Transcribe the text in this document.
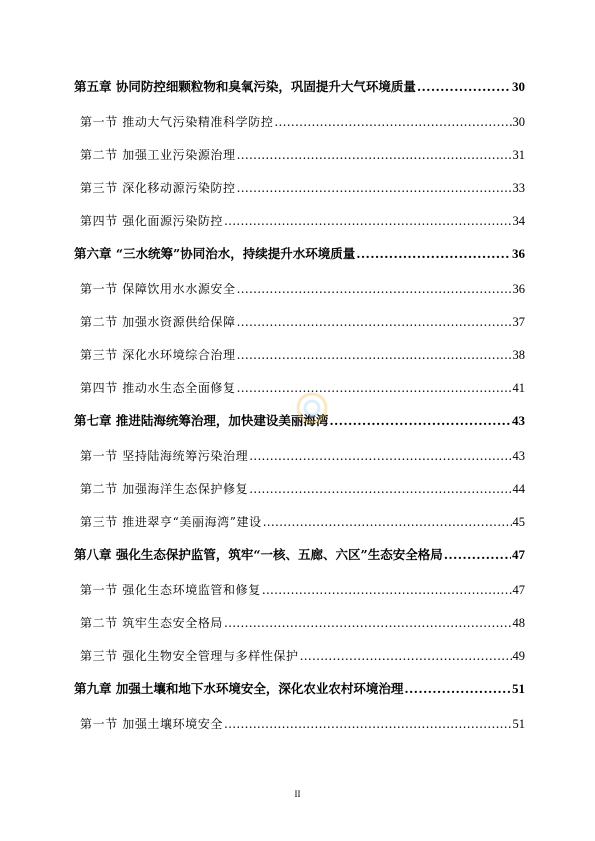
第五章 协同防控细颗粒物和臭氧污染，巩固提升大气环境质量 .....	30
第一节 推动大气污染精准科学防控 .....	30
第二节 加强工业污染源治理 .....	31
第三节 深化移动源污染防控 .....	33
第四节 强化面源污染防控 .....	34
第六章 “三水统筹”协同治水，持续提升水环境质量 .....	36
第一节 保障饮用水水源安全 .....	36
第二节 加强水资源供给保障 .....	37
第三节 深化水环境综合治理 .....	38
第四节 推动水生态全面修复 .....	41
第七章 推进陆海统筹治理，加快建设美丽海湾 .....	43
第一节 坚持陆海统筹污染治理 .....	43
第二节 加强海洋生态保护修复 .....	44
第三节 推进翠亨“美丽海湾”建设 .....	45
第八章 强化生态保护监管，筑牢“一核、五廊、六区”生态安全格局 .....	47
第一节 强化生态环境监管和修复 .....	47
第二节 筑牢生态安全格局 .....	48
第三节 强化生物安全管理与多样性保护 .....	49
第九章 加强土壤和地下水环境安全，深化农业农村环境治理 .....	51
第一节 加强土壤环境安全 .....	51
II
